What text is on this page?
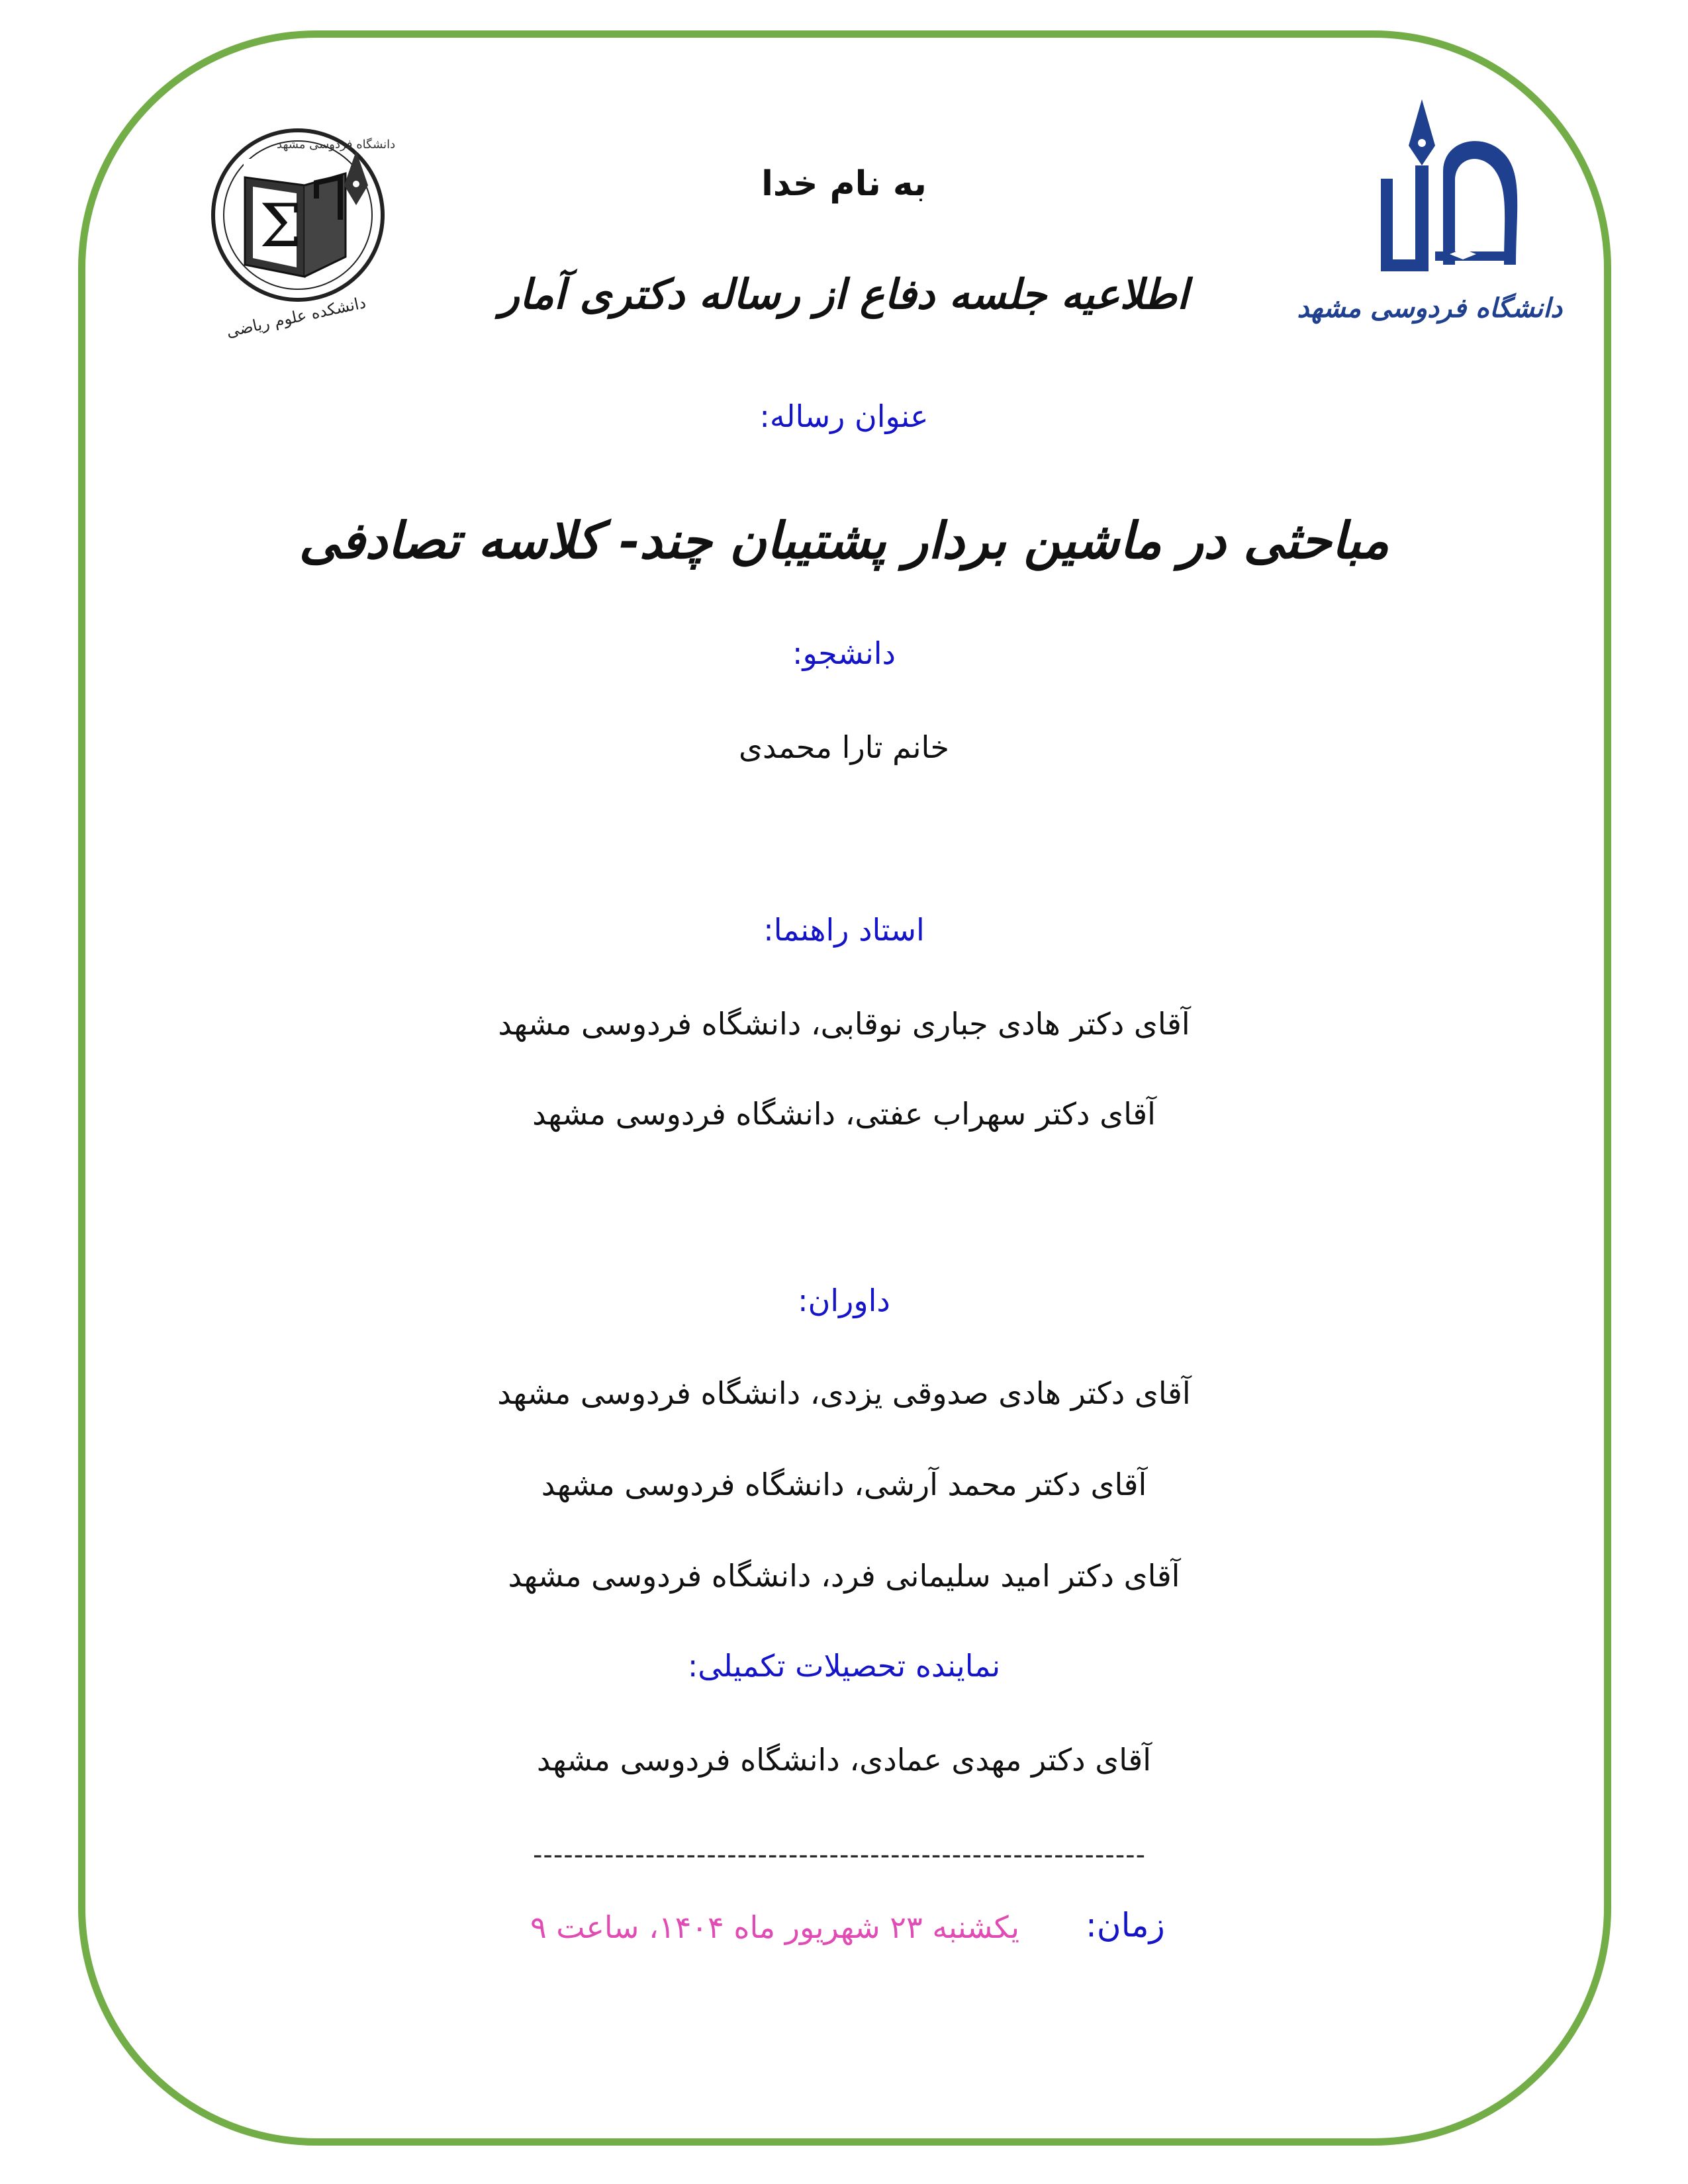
Σ
دانشگاه فردوسی مشهد
دانشکده علوم ریاضی	دانشگاه فردوسی مشهد
به نام خدا
اطلاعیه جلسه دفاع از رساله دکتری آمار
عنوان رساله:
مباحثی در ماشین بردار پشتیبان چند- کلاسه تصادفی
دانشجو:
خانم تارا محمدی
استاد راهنما:
آقای دکتر هادی جباری نوقابی، دانشگاه فردوسی مشهد
آقای دکتر سهراب عفتی، دانشگاه فردوسی مشهد
داوران:
آقای دکتر هادی صدوقی یزدی، دانشگاه فردوسی مشهد
آقای دکتر محمد آرشی، دانشگاه فردوسی مشهد
آقای دکتر امید سلیمانی فرد، دانشگاه فردوسی مشهد
نماینده تحصیلات تکمیلی:
آقای دکتر مهدی عمادی، دانشگاه فردوسی مشهد
------------------------------------------------------------
زمان:
یکشنبه ۲۳ شهریور ماه ۱۴۰۴، ساعت ۹
